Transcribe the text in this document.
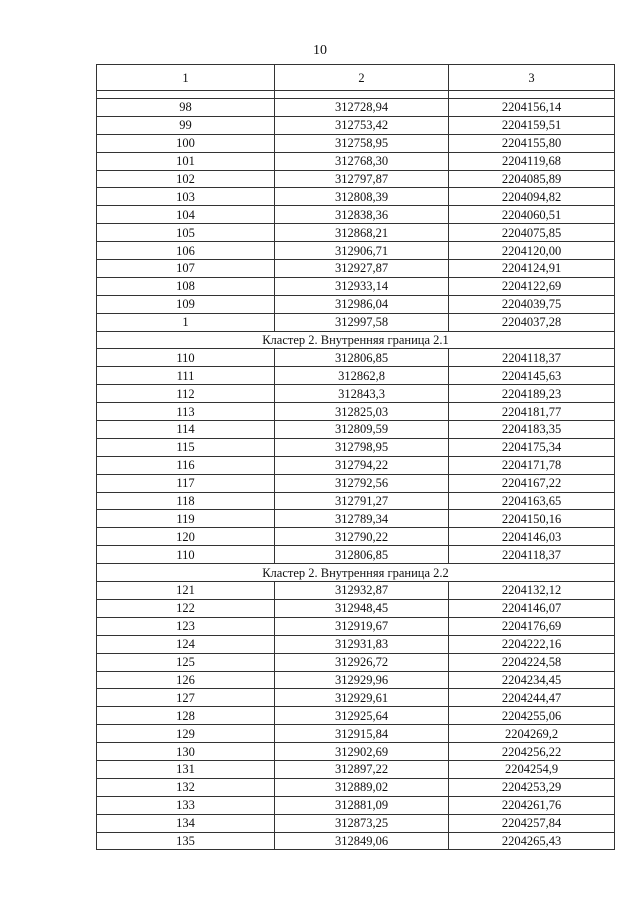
10
1	2	3

98	312728,94	2204156,14
99	312753,42	2204159,51
100	312758,95	2204155,80
101	312768,30	2204119,68
102	312797,87	2204085,89
103	312808,39	2204094,82
104	312838,36	2204060,51
105	312868,21	2204075,85
106	312906,71	2204120,00
107	312927,87	2204124,91
108	312933,14	2204122,69
109	312986,04	2204039,75
1	312997,58	2204037,28
Кластер 2. Внутренняя граница 2.1		
110	312806,85	2204118,37
111	312862,8	2204145,63
112	312843,3	2204189,23
113	312825,03	2204181,77
114	312809,59	2204183,35
115	312798,95	2204175,34
116	312794,22	2204171,78
117	312792,56	2204167,22
118	312791,27	2204163,65
119	312789,34	2204150,16
120	312790,22	2204146,03
110	312806,85	2204118,37
Кластер 2. Внутренняя граница 2.2		
121	312932,87	2204132,12
122	312948,45	2204146,07
123	312919,67	2204176,69
124	312931,83	2204222,16
125	312926,72	2204224,58
126	312929,96	2204234,45
127	312929,61	2204244,47
128	312925,64	2204255,06
129	312915,84	2204269,2
130	312902,69	2204256,22
131	312897,22	2204254,9
132	312889,02	2204253,29
133	312881,09	2204261,76
134	312873,25	2204257,84
135	312849,06	2204265,43
